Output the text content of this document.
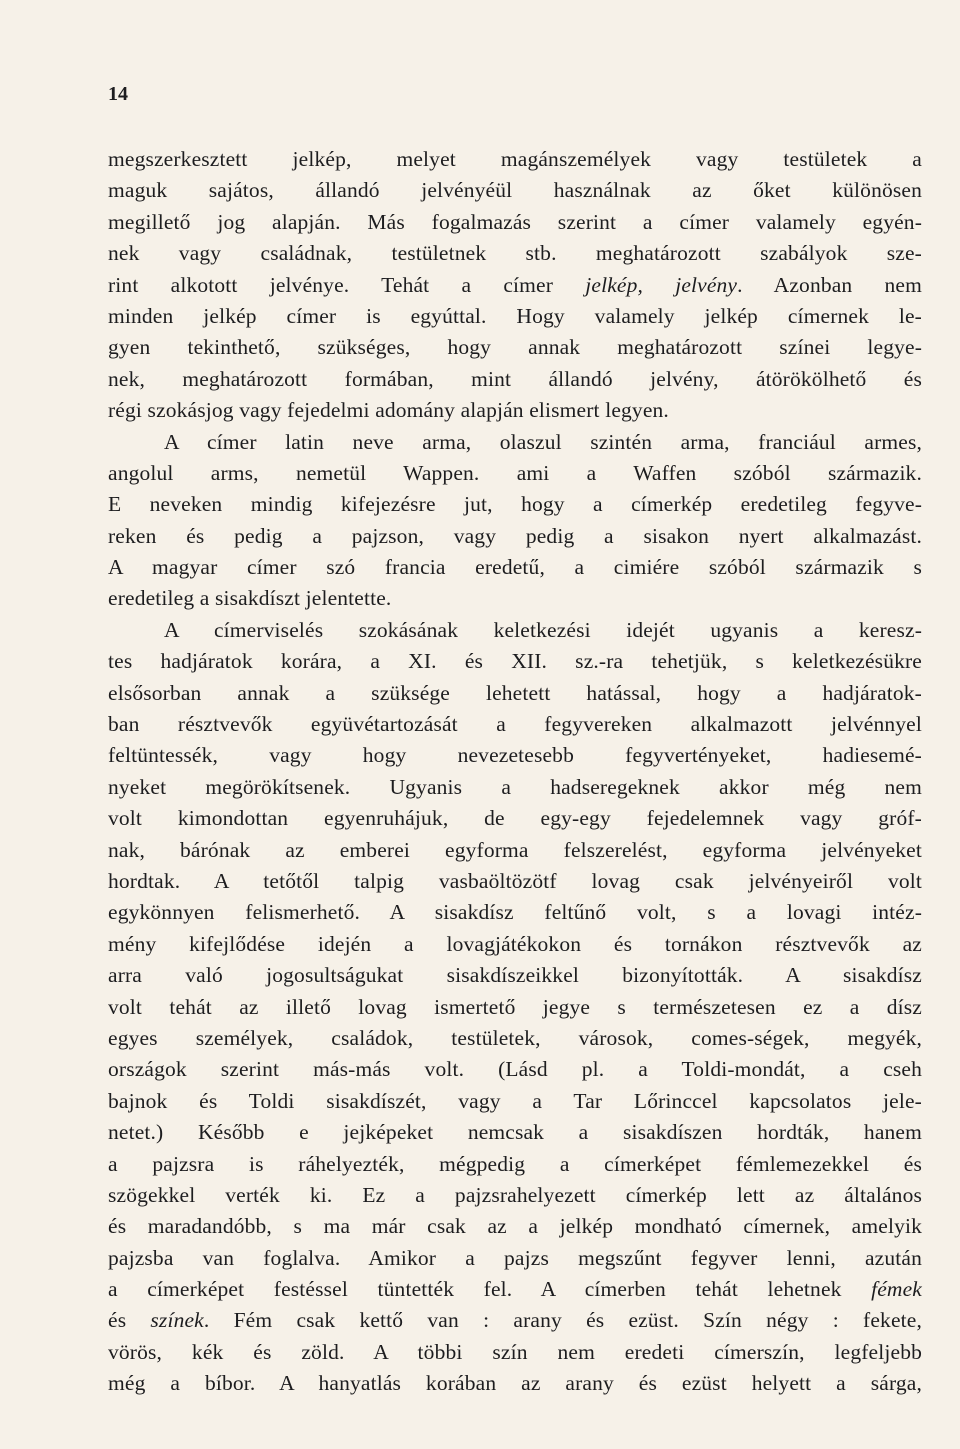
14
megszerkesztett jelkép, melyet magánszemélyek vagy testületek a
maguk sajátos, állandó jelvényéül használnak az őket különösen
megillető jog alapján. Más fogalmazás szerint a címer valamely egyén-
nek vagy családnak, testületnek stb. meghatározott szabályok sze-
rint alkotott jelvénye. Tehát a címer jelkép, jelvény. Azonban nem
minden jelkép címer is egyúttal. Hogy valamely jelkép címernek le-
gyen tekinthető, szükséges, hogy annak meghatározott színei legye-
nek, meghatározott formában, mint állandó jelvény, átörökölhető és
régi szokásjog vagy fejedelmi adomány alapján elismert legyen.
A címer latin neve arma, olaszul szintén arma, franciául armes,
angolul arms, nemetül Wappen. ami a Waffen szóból származik.
E neveken mindig kifejezésre jut, hogy a címerkép eredetileg fegyve-
reken és pedig a pajzson, vagy pedig a sisakon nyert alkalmazást.
A magyar címer szó francia eredetű, a cimiére szóból származik s
eredetileg a sisakdíszt jelentette.
A címerviselés szokásának keletkezési idejét ugyanis a keresz-
tes hadjáratok korára, a XI. és XII. sz.-ra tehetjük, s keletkezésükre
elsősorban annak a szüksége lehetett hatással, hogy a hadjáratok-
ban résztvevők együvétartozását a fegyvereken alkalmazott jelvénnyel
feltüntessék, vagy hogy nevezetesebb fegyvertényeket, hadiesemé-
nyeket megörökítsenek. Ugyanis a hadseregeknek akkor még nem
volt kimondottan egyenruhájuk, de egy-egy fejedelemnek vagy gróf-
nak, bárónak az emberei egyforma felszerelést, egyforma jelvényeket
hordtak. A tetőtől talpig vasbaöltözötf lovag csak jelvényeiről volt
egykönnyen felismerhető. A sisakdísz feltűnő volt, s a lovagi intéz-
mény kifejlődése idején a lovagjátékokon és tornákon résztvevők az
arra való jogosultságukat sisakdíszeikkel bizonyították. A sisakdísz
volt tehát az illető lovag ismertető jegye s természetesen ez a dísz
egyes személyek, családok, testületek, városok, comes-ségek, megyék,
országok szerint más-más volt. (Lásd pl. a Toldi-mondát, a cseh
bajnok és Toldi sisakdíszét, vagy a Tar Lőrinccel kapcsolatos jele-
netet.) Később e jejképeket nemcsak a sisakdíszen hordták, hanem
a pajzsra is ráhelyezték, mégpedig a címerképet fémlemezekkel és
szögekkel verték ki. Ez a pajzsrahelyezett címerkép lett az általános
és maradandóbb, s ma már csak az a jelkép mondható címernek, amelyik
pajzsba van foglalva. Amikor a pajzs megszűnt fegyver lenni, azután
a címerképet festéssel tüntették fel. A címerben tehát lehetnek fémek
és színek. Fém csak kettő van : arany és ezüst. Szín négy : fekete,
vörös, kék és zöld. A többi szín nem eredeti címerszín, legfeljebb
még a bíbor. A hanyatlás korában az arany és ezüst helyett a sárga,
